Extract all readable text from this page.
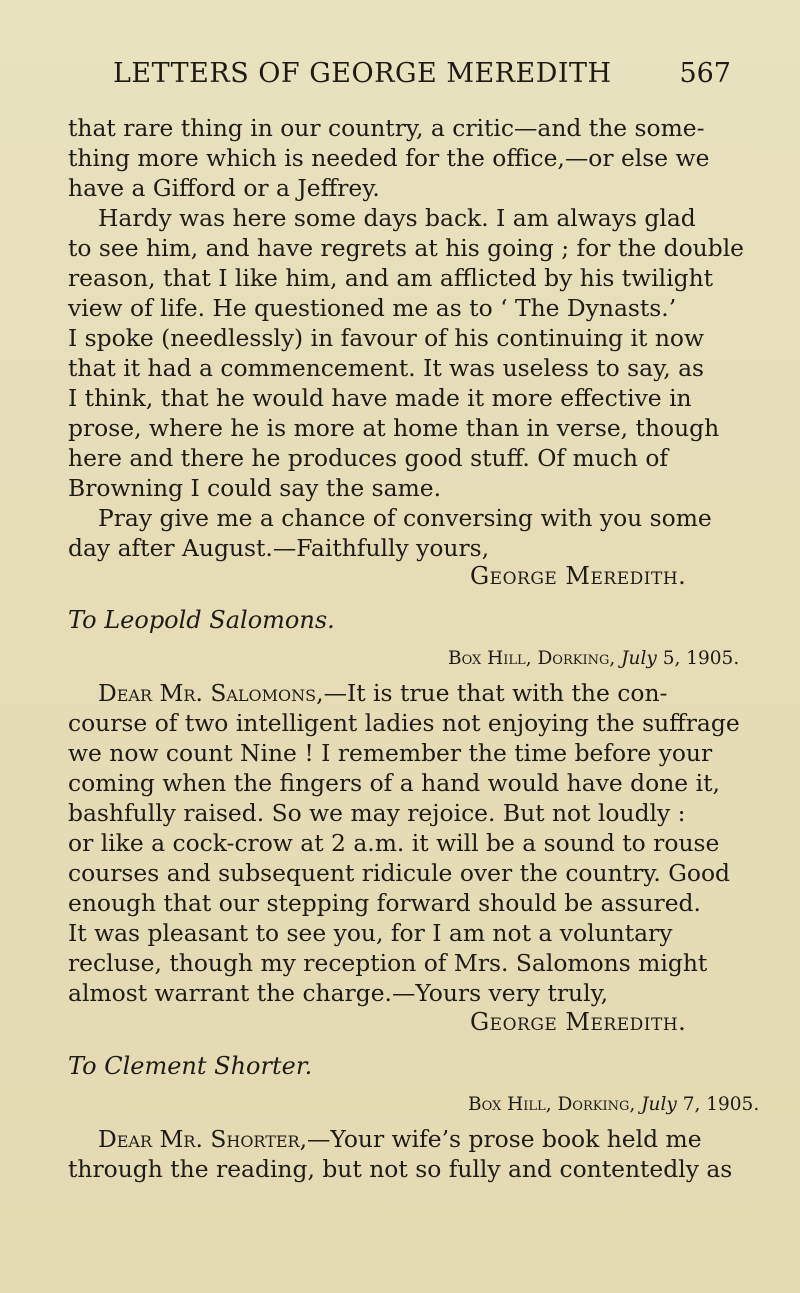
LETTERS OF GEORGE MEREDITH	567
that rare thing in our country, a critic—and the some-
thing more which is needed for the office,—or else we
have a Gifford or a Jeffrey.
Hardy was here some days back. I am always glad
to see him, and have regrets at his going ; for the double
reason, that I like him, and am afflicted by his twilight
view of life. He questioned me as to ‘ The Dynasts.’
I spoke (needlessly) in favour of his continuing it now
that it had a commencement. It was useless to say, as
I think, that he would have made it more effective in
prose, where he is more at home than in verse, though
here and there he produces good stuff. Of much of
Browning I could say the same.
Pray give me a chance of conversing with you some
day after August.—Faithfully yours,
George Meredith.
To Leopold Salomons.
Box Hill, Dorking, July 5, 1905.
Dear Mr. Salomons,—It is true that with the con-
course of two intelligent ladies not enjoying the suffrage
we now count Nine ! I remember the time before your
coming when the fingers of a hand would have done it,
bashfully raised. So we may rejoice. But not loudly :
or like a cock-crow at 2 a.m. it will be a sound to rouse
courses and subsequent ridicule over the country. Good
enough that our stepping forward should be assured.
It was pleasant to see you, for I am not a voluntary
recluse, though my reception of Mrs. Salomons might
almost warrant the charge.—Yours very truly,
George Meredith.
To Clement Shorter.
Box Hill, Dorking, July 7, 1905.
Dear Mr. Shorter,—Your wife’s prose book held me
through the reading, but not so fully and contentedly as
